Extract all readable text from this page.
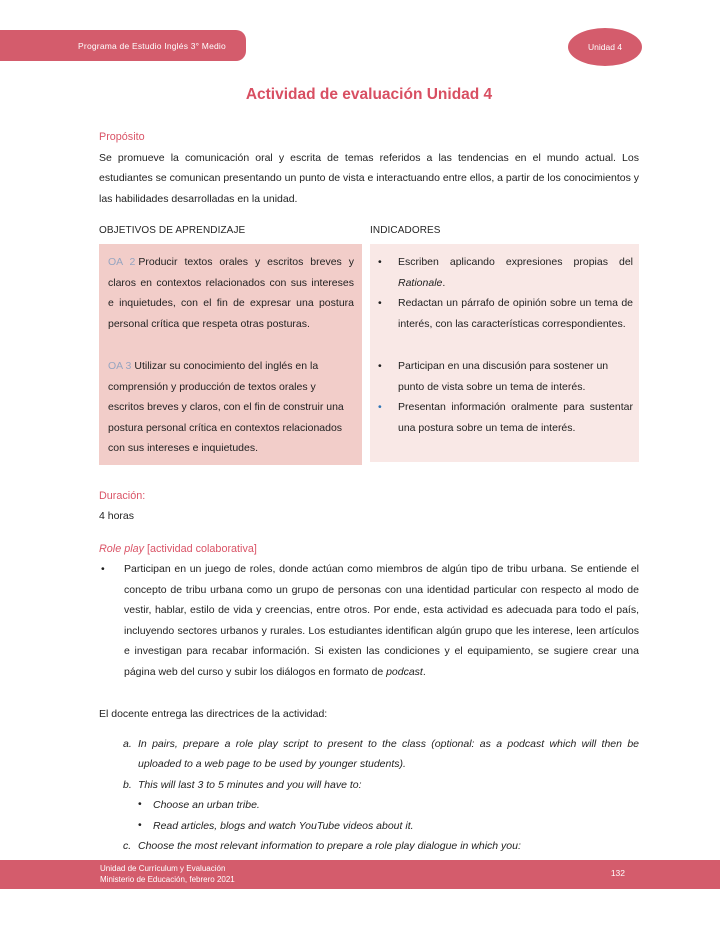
Programa de Estudio Inglés 3° Medio	Unidad 4
Actividad de evaluación Unidad 4
Propósito

Se promueve la comunicación oral y escrita de temas referidos a las tendencias en el mundo actual. Los estudiantes se comunican presentando un punto de vista e interactuando entre ellos, a partir de los conocimientos y las habilidades desarrolladas en la unidad.

OBJETIVOS DE APRENDIZAJE

OA 2 Producir textos orales y escritos breves y claros en contextos relacionados con sus intereses e inquietudes, con el fin de expresar una postura personal crítica que respeta otras posturas.

OA 3 Utilizar su conocimiento del inglés en la comprensión y producción de textos orales y escritos breves y claros, con el fin de construir una postura personal crítica en contextos relacionados con sus intereses e inquietudes.

INDICADORES
• Escriben aplicando expresiones propias del Rationale.
• Redactan un párrafo de opinión sobre un tema de interés, con las características correspondientes.
• Participan en una discusión para sostener un punto de vista sobre un tema de interés.
• Presentan información oralmente para sustentar una postura sobre un tema de interés.
Duración:

4 horas

Role play [actividad colaborativa]
• Participan en un juego de roles, donde actúan como miembros de algún tipo de tribu urbana. Se entiende el concepto de tribu urbana como un grupo de personas con una identidad particular con respecto al modo de vestir, hablar, estilo de vida y creencias, entre otros. Por ende, esta actividad es adecuada para todo el país, incluyendo sectores urbanos y rurales. Los estudiantes identifican algún grupo que les interese, leen artículos e investigan para recabar información. Si existen las condiciones y el equipamiento, se sugiere crear una página web del curso y subir los diálogos en formato de podcast.

El docente entrega las directrices de la actividad:

a. In pairs, prepare a role play script to present to the class (optional: as a podcast which will then be uploaded to a web page to be used by younger students).
b. This will last 3 to 5 minutes and you will have to:
• Choose an urban tribe.
• Read articles, blogs and watch YouTube videos about it.
c. Choose the most relevant information to prepare a role play dialogue in which you:
Unidad de Currículum y Evaluación
Ministerio de Educación, febrero 2021
132
